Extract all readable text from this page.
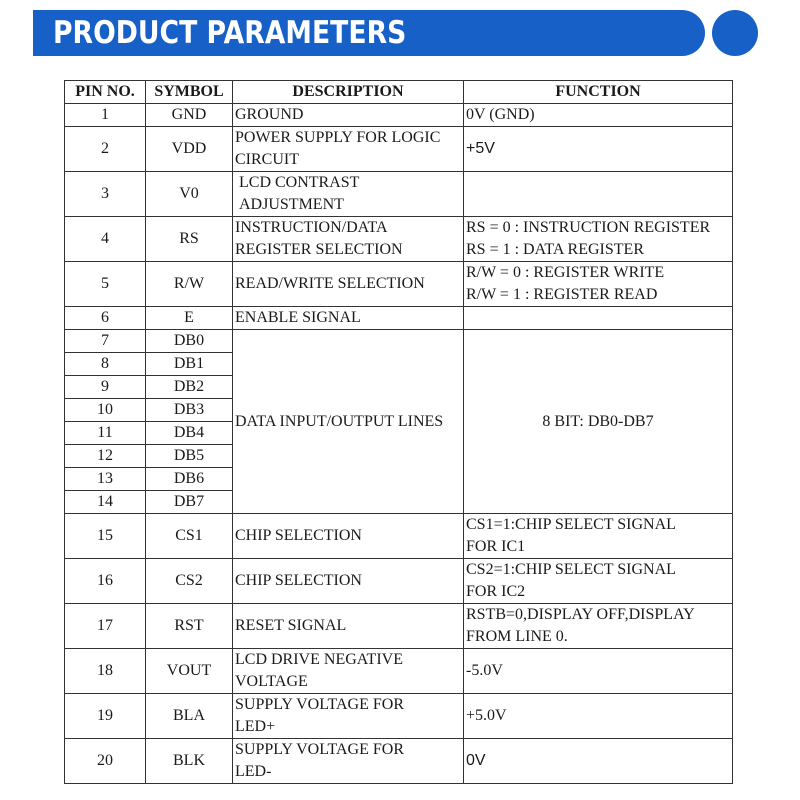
PRODUCT PARAMETERS
PIN NO.	SYMBOL	DESCRIPTION	FUNCTION
1	GND	GROUND	0V (GND)

2	VDD	POWER SUPPLY FOR LOGIC
CIRCUIT	+5V

3	V0	LCD CONTRAST
ADJUSTMENT	

4	RS	INSTRUCTION/DATA
REGISTER SELECTION	RS = 0 : INSTRUCTION REGISTER
RS = 1 : DATA REGISTER

5	R/W	READ/WRITE SELECTION	R/W = 0 : REGISTER WRITE
R/W = 1 : REGISTER READ

6	E	ENABLE SIGNAL	

7	DB0	DATA INPUT/OUTPUT LINES	8 BIT: DB0-DB7
8	DB1		
9	DB2		
10	DB3		
11	DB4		
12	DB5		
13	DB6		
14	DB7		
15	CS1	CHIP SELECTION	CS1=1:CHIP SELECT SIGNAL
FOR IC1

16	CS2	CHIP SELECTION	CS2=1:CHIP SELECT SIGNAL
FOR IC2

17	RST	RESET SIGNAL	RSTB=0,DISPLAY OFF,DISPLAY
FROM LINE 0.

18	VOUT	LCD DRIVE NEGATIVE
VOLTAGE	-5.0V

19	BLA	SUPPLY VOLTAGE FOR
LED+	+5.0V

20	BLK	SUPPLY VOLTAGE FOR
LED-	0V
